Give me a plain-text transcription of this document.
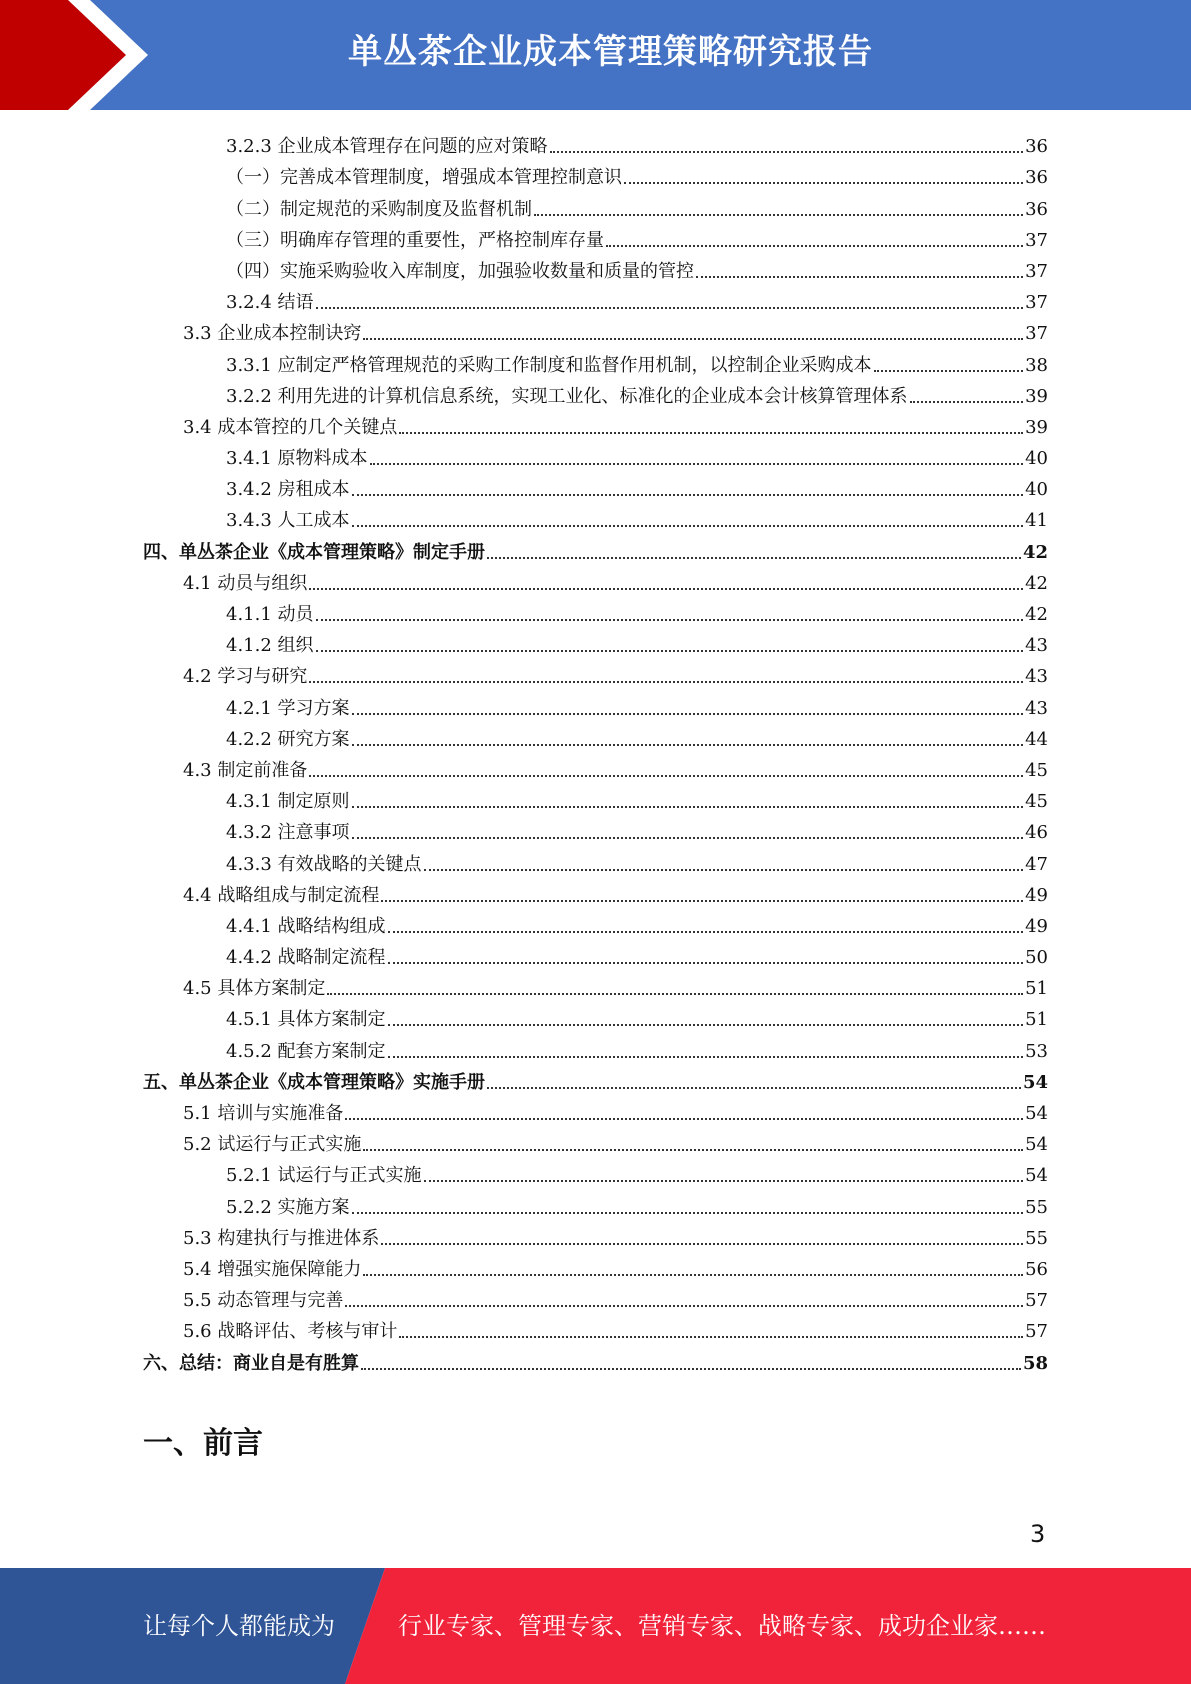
单丛茶企业成本管理策略研究报告
3.2.3 企业成本管理存在问题的应对策略	36
（一）完善成本管理制度，增强成本管理控制意识	36
（二）制定规范的采购制度及监督机制	36
（三）明确库存管理的重要性，严格控制库存量	37
（四）实施采购验收入库制度，加强验收数量和质量的管控	37
3.2.4 结语	37
3.3 企业成本控制诀窍	37
3.3.1 应制定严格管理规范的采购工作制度和监督作用机制，以控制企业采购成本	38
3.2.2 利用先进的计算机信息系统，实现工业化、标准化的企业成本会计核算管理体系	39
3.4 成本管控的几个关键点	39
3.4.1 原物料成本	40
3.4.2 房租成本	40
3.4.3 人工成本	41
四、单丛茶企业《成本管理策略》制定手册	42
4.1 动员与组织	42
4.1.1 动员	42
4.1.2 组织	43
4.2 学习与研究	43
4.2.1 学习方案	43
4.2.2 研究方案	44
4.3 制定前准备	45
4.3.1 制定原则	45
4.3.2 注意事项	46
4.3.3 有效战略的关键点	47
4.4 战略组成与制定流程	49
4.4.1 战略结构组成	49
4.4.2 战略制定流程	50
4.5 具体方案制定	51
4.5.1 具体方案制定	51
4.5.2 配套方案制定	53
五、单丛茶企业《成本管理策略》实施手册	54
5.1 培训与实施准备	54
5.2 试运行与正式实施	54
5.2.1 试运行与正式实施	54
5.2.2 实施方案	55
5.3 构建执行与推进体系	55
5.4 增强实施保障能力	56
5.5 动态管理与完善	57
5.6 战略评估、考核与审计	57
六、总结：商业自是有胜算	58
一、前言
3
让每个人都能成为	行业专家、管理专家、营销专家、战略专家、成功企业家……
